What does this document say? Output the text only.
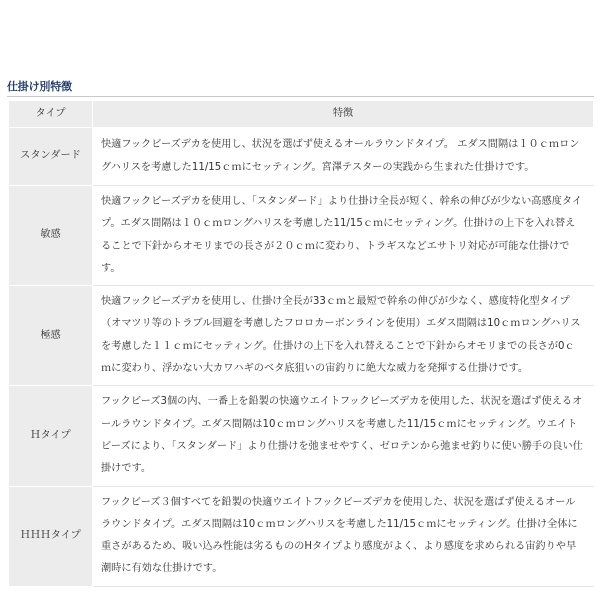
仕掛け別特徴
タイプ	特徴
スタンダード	快適フックビーズデカを使用し、状況を選ばず使えるオールラウンドタイプ。 エダス間隔は１０ｃｍロングハリスを考慮した11/15ｃｍにセッティング。宮澤テスターの実践から生まれた仕掛けです。
敏感	快適フックビーズデカを使用し、「スタンダード」より仕掛け全長が短く、幹糸の伸びが少ない高感度タイプ。エダス間隔は１０ｃｍロングハリスを考慮した11/15ｃｍにセッティング。仕掛けの上下を入れ替えることで下針からオモリまでの長さが２０ｃｍに変わり、トラギスなどエサトリ対応が可能な仕掛けです。
極感	快適フックビーズデカを使用し、仕掛け全長が33ｃｍと最短で幹糸の伸びが少なく、感度特化型タイプ（オマツリ等のトラブル回避を考慮したフロロカーボンラインを使用）エダス間隔は10ｃｍロングハリスを考慮した１１ｃｍにセッティング。仕掛けの上下を入れ替えることで下針からオモリまでの長さが0ｃｍに変わり、浮かない大カワハギのベタ底狙いの宙釣りに絶大な威力を発揮する仕掛けです。
Ｈタイプ	フックビーズ3個の内、一番上を鉛製の快適ウエイトフックビーズデカを使用した、状況を選ばず使えるオールラウンドタイプ。エダス間隔は10ｃｍロングハリスを考慮した11/15ｃｍにセッティング。ウエイトビーズにより、「スタンダード」より仕掛けを弛ませやすく、ゼロテンから弛ませ釣りに使い勝手の良い仕掛けです。
ＨＨＨタイプ	フックビーズ３個すべてを鉛製の快適ウエイトフックビーズデカを使用した、状況を選ばず使えるオールラウンドタイプ。エダス間隔は10ｃｍロングハリスを考慮した11/15ｃｍにセッティング。仕掛け全体に重さがあるため、吸い込み性能は劣るもののHタイプより感度がよく、より感度を求められる宙釣りや早潮時に有効な仕掛けです。
